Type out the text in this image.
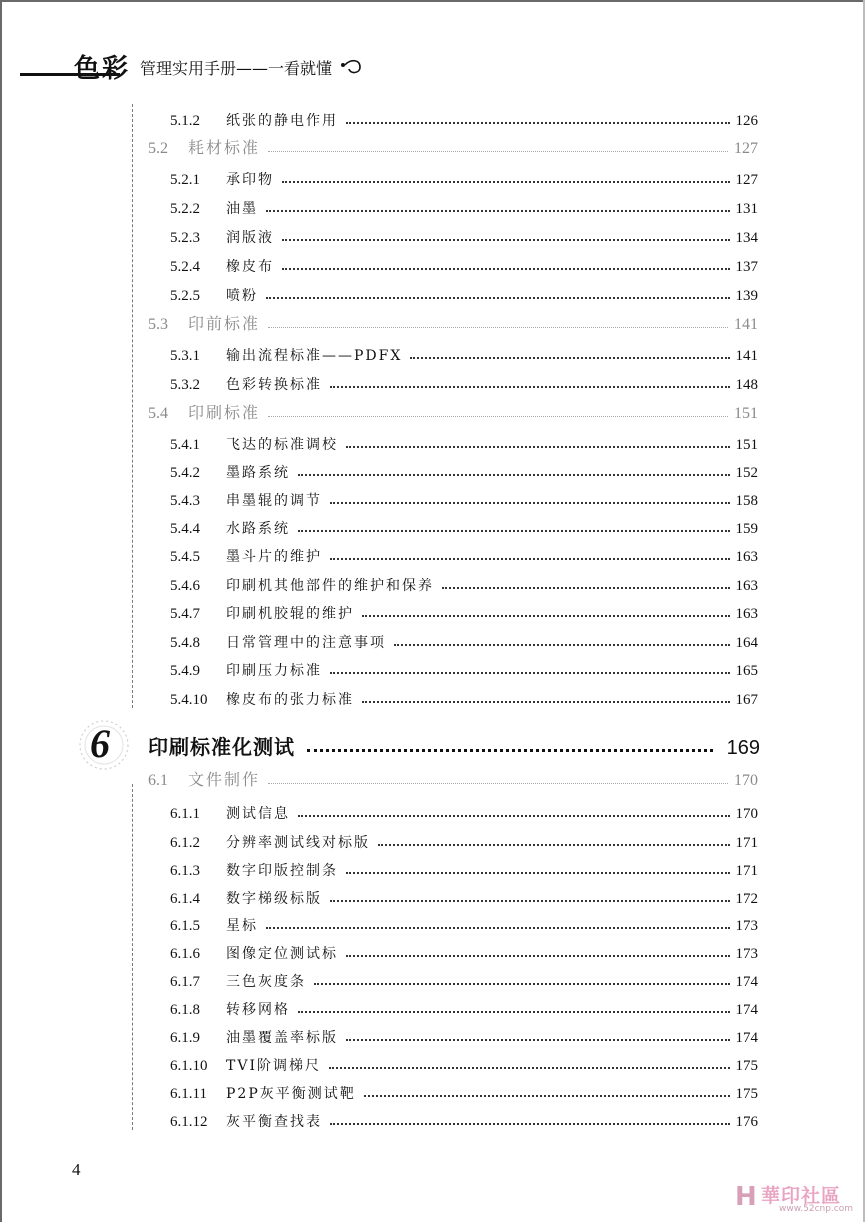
色彩 管理实用手册——一看就懂
5.1.2	纸张的静电作用	126
5.2	耗材标准	127
5.2.1	承印物	127
5.2.2	油墨	131
5.2.3	润版液	134
5.2.4	橡皮布	137
5.2.5	喷粉	139
5.3	印前标准	141
5.3.1	输出流程标准——PDFX	141
5.3.2	色彩转换标准	148
5.4	印刷标准	151
5.4.1	飞达的标准调校	151
5.4.2	墨路系统	152
5.4.3	串墨辊的调节	158
5.4.4	水路系统	159
5.4.5	墨斗片的维护	163
5.4.6	印刷机其他部件的维护和保养	163
5.4.7	印刷机胶辊的维护	163
5.4.8	日常管理中的注意事项	164
5.4.9	印刷压力标准	165
5.4.10	橡皮布的张力标准	167
6 印刷标准化测试	169
6.1	文件制作	170
6.1.1	测试信息	170
6.1.2	分辨率测试线对标版	171
6.1.3	数字印版控制条	171
6.1.4	数字梯级标版	172
6.1.5	星标	173
6.1.6	图像定位测试标	173
6.1.7	三色灰度条	174
6.1.8	转移网格	174
6.1.9	油墨覆盖率标版	174
6.1.10	TVI阶调梯尺	175
6.1.11	P2P灰平衡测试靶	175
6.1.12	灰平衡查找表	176
4
H 華印社區
www.52cnp.com
